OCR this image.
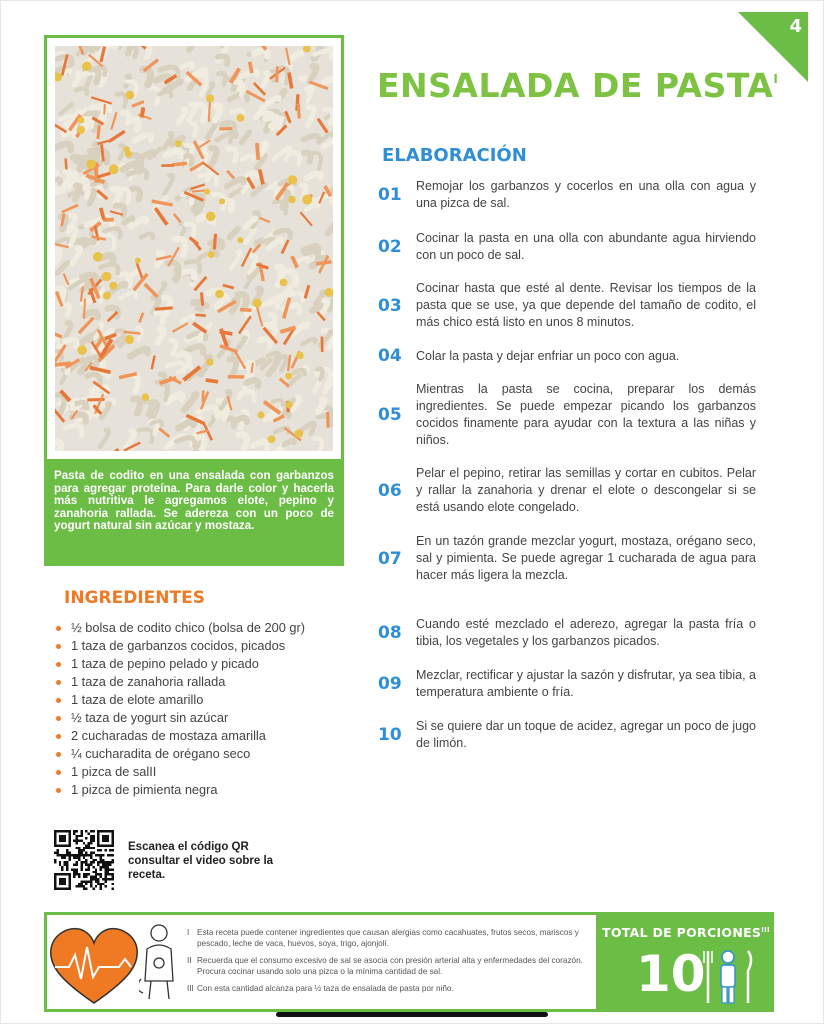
4
Pasta de codito en una ensalada con garbanzos para agregar proteína. Para darle color y hacerla más nutritiva le agregamos elote, pepino y zanahoria rallada. Se adereza con un poco de yogurt natural sin azúcar y mostaza.
ENSALADA DE $PASTA^I$
ELABORACIÓN
01	Remojar los garbanzos y cocerlos en una olla con agua y una pizca de sal.
02	Cocinar la pasta en una olla con abundante agua hirviendo con un poco de sal.
03
Cocinar hasta que esté al dente. Revisar los tiempos de la pasta que se use, ya que depende del tamaño de codito, el más chico está listo en unos 8 minutos.
04	Colar la pasta y dejar enfriar un poco con agua.
05
Mientras la pasta se cocina, preparar los demás ingredientes. Se puede empezar picando los garbanzos cocidos finamente para ayudar con la textura a las niñas y niños.
06
Pelar el pepino, retirar las semillas y cortar en cubitos. Pelar y rallar la zanahoria y drenar el elote o descongelar si se está usando elote congelado.
07
En un tazón grande mezclar yogurt, mostaza, orégano seco, sal y pimienta. Se puede agregar 1 cucharada de agua para hacer más ligera la mezcla.
08	Cuando esté mezclado el aderezo, agregar la pasta fría o tibia, los vegetales y los garbanzos picados.
09	Mezclar, rectificar y ajustar la sazón y disfrutar, ya sea tibia, a temperatura ambiente o fría.
10	Si se quiere dar un toque de acidez, agregar un poco de jugo de limón.
INGREDIENTES
½ bolsa de codito chico (bolsa de 200 gr)
1 taza de garbanzos cocidos, picados
1 taza de pepino pelado y picado
1 taza de zanahoria rallada
1 taza de elote amarillo
½ taza de yogurt sin azúcar
2 cucharadas de mostaza amarilla
¼ cucharadita de orégano seco
1 pizca de salII
1 pizca de pimienta negra
Escanea el código QR consultar el video sobre la receta.

I Esta receta puede contener ingredientes que causan alergias como cacahuates, frutos secos, mariscos y pescado, leche de vaca, huevos, soya, trigo, ajonjolí.

II Recuerda que el consumo excesivo de sal se asocia con presión arterial alta y enfermedades del corazón. Procura cocinar usando solo una pizca o la mínima cantidad de sal.

III Con esta cantidad alcanza para ½ taza de ensalada de pasta por niño.

TOTAL DE $PORCIONES^{III}$
10
